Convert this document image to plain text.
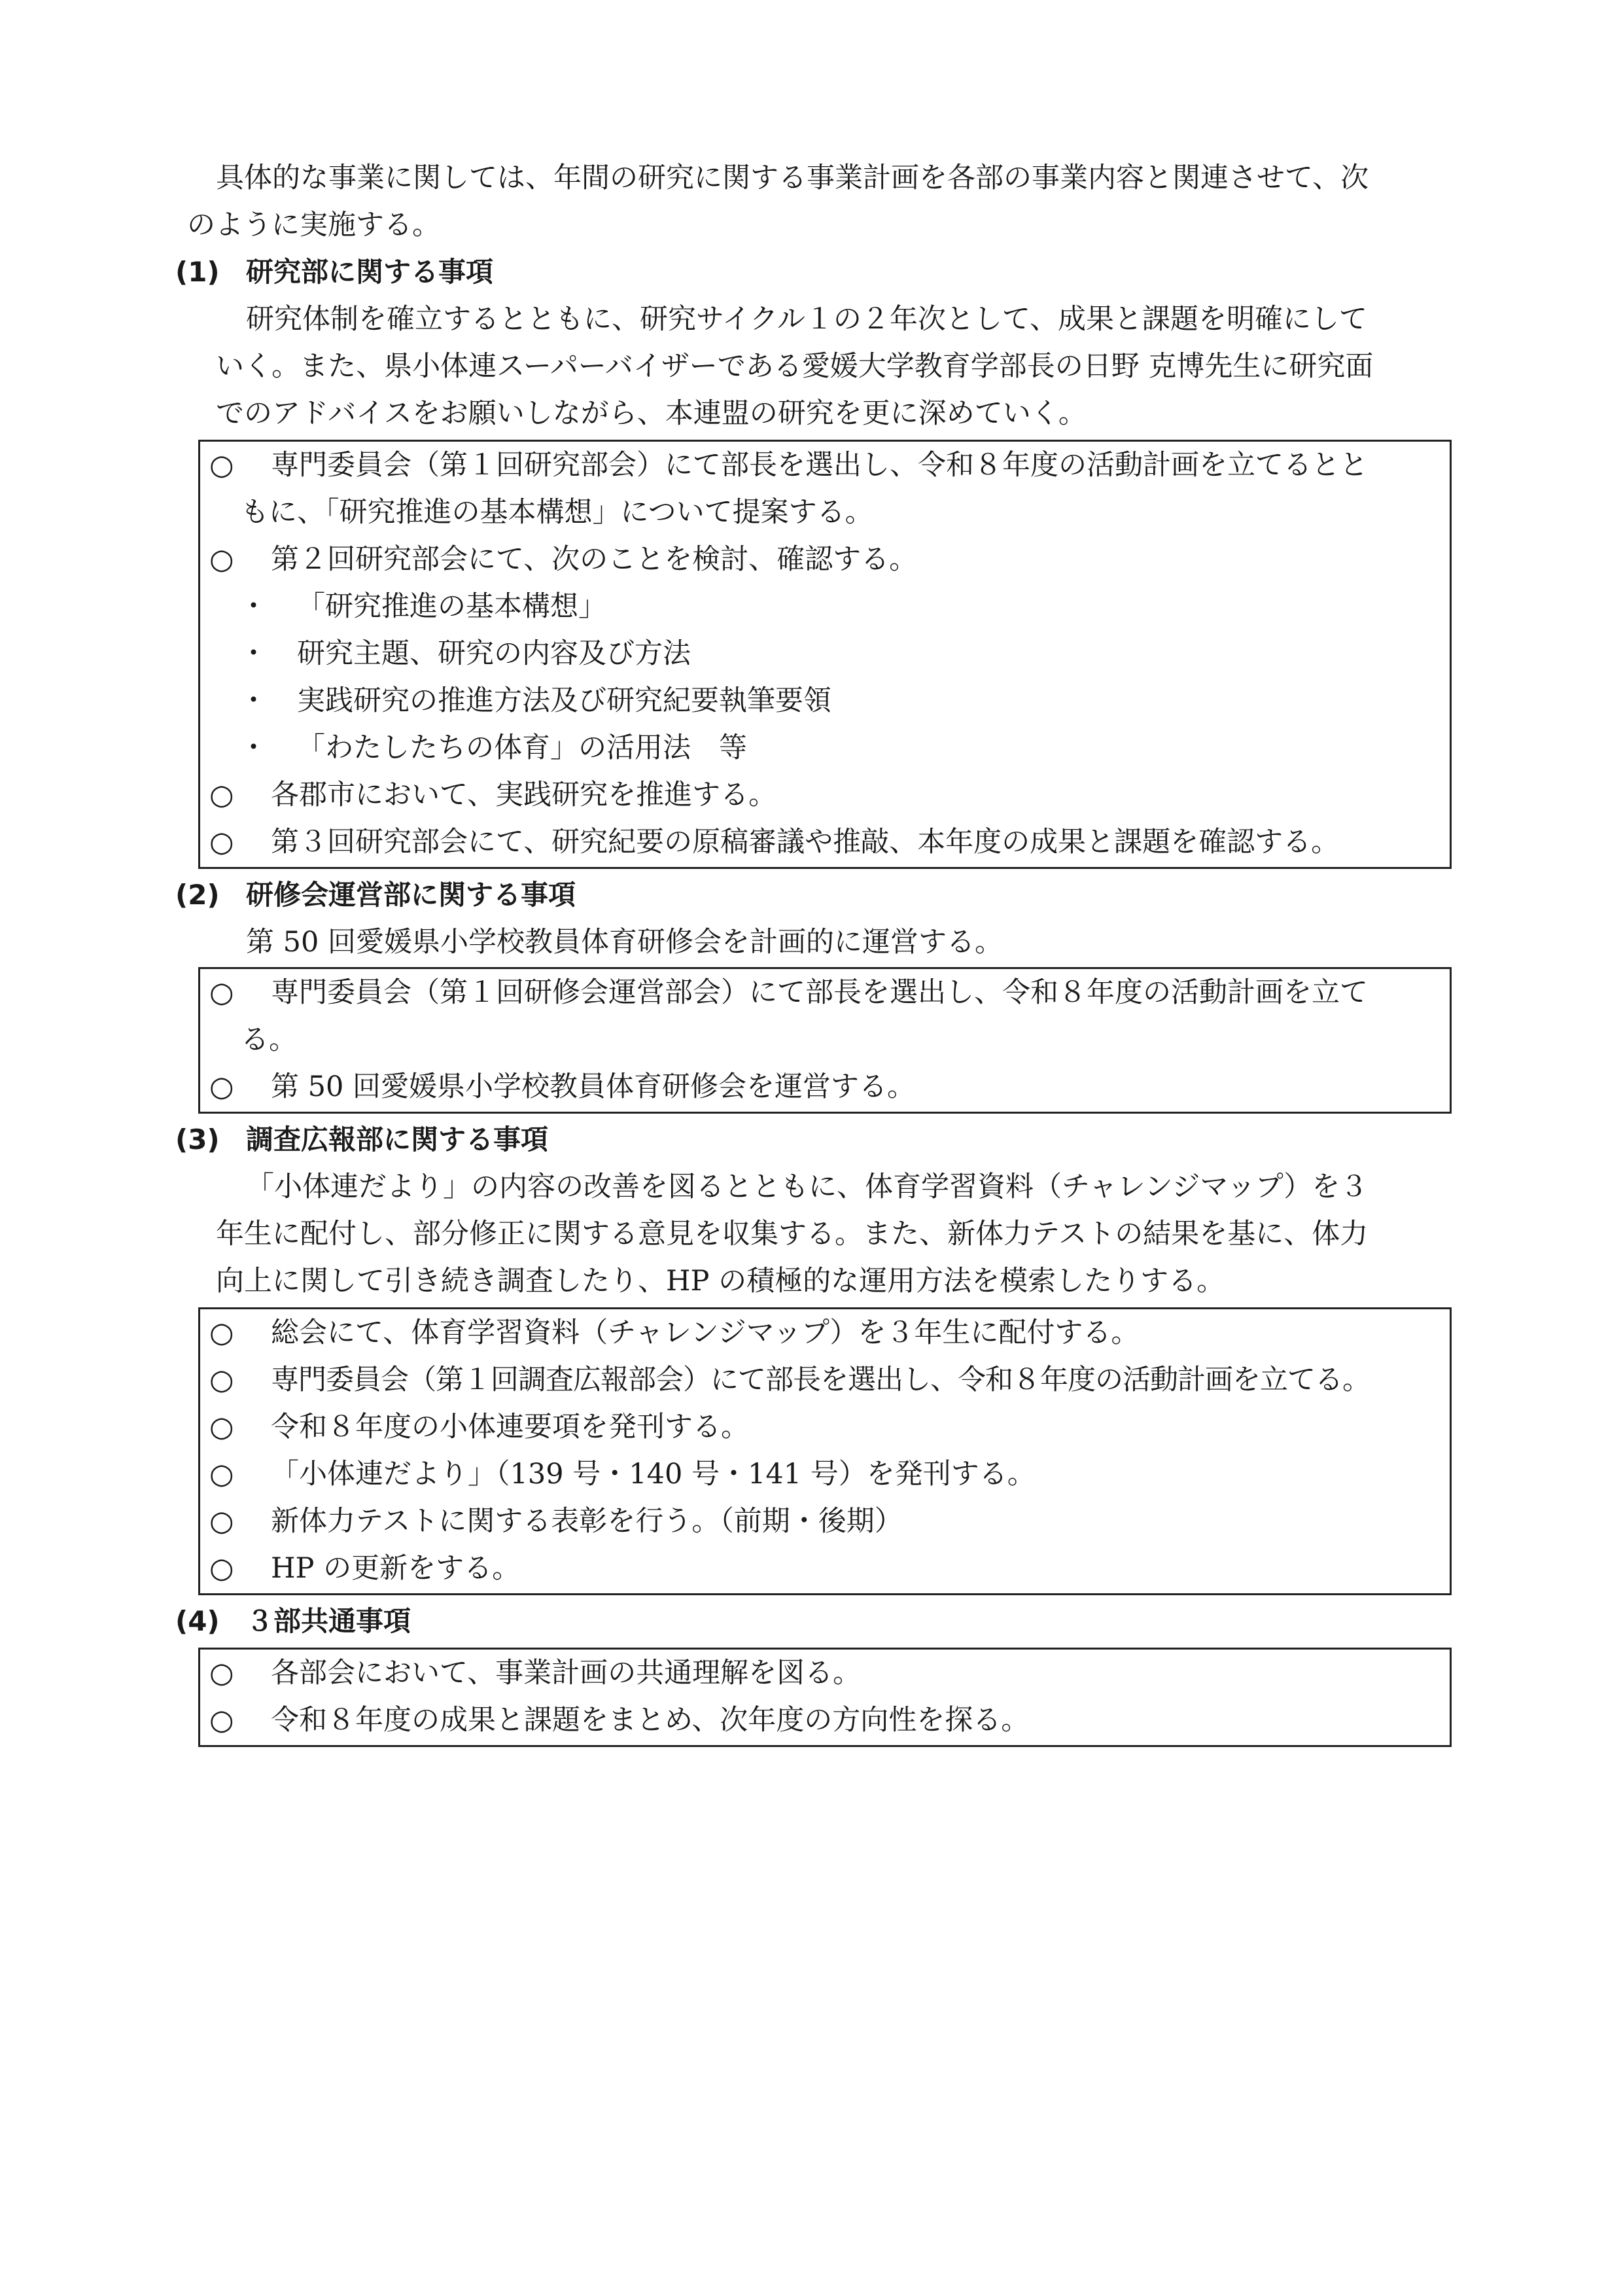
具体的な事業に関しては、年間の研究に関する事業計画を各部の事業内容と関連させて、次
のように実施する。
(1) 研究部に関する事項
研究体制を確立するとともに、研究サイクル１の２年次として、成果と課題を明確にして
いく。また、県小体連スーパーバイザーである愛媛大学教育学部長の日野 克博先生に研究面
でのアドバイスをお願いしながら、本連盟の研究を更に深めていく。
○ 専門委員会（第１回研究部会）にて部長を選出し、令和８年度の活動計画を立てるとと
もに、「研究推進の基本構想」について提案する。
○ 第２回研究部会にて、次のことを検討、確認する。
・ 「研究推進の基本構想」
・ 研究主題、研究の内容及び方法
・ 実践研究の推進方法及び研究紀要執筆要領
・ 「わたしたちの体育」の活用法　等
○ 各郡市において、実践研究を推進する。
○ 第３回研究部会にて、研究紀要の原稿審議や推敲、本年度の成果と課題を確認する。
(2) 研修会運営部に関する事項
第 50 回愛媛県小学校教員体育研修会を計画的に運営する。
○ 専門委員会（第１回研修会運営部会）にて部長を選出し、令和８年度の活動計画を立て
る。
○ 第 50 回愛媛県小学校教員体育研修会を運営する。
(3) 調査広報部に関する事項
「小体連だより」の内容の改善を図るとともに、体育学習資料（チャレンジマップ）を３
年生に配付し、部分修正に関する意見を収集する。また、新体力テストの結果を基に、体力
向上に関して引き続き調査したり、HP の積極的な運用方法を模索したりする。
○ 総会にて、体育学習資料（チャレンジマップ）を３年生に配付する。
○ 専門委員会（第１回調査広報部会）にて部長を選出し、令和８年度の活動計画を立てる。
○ 令和８年度の小体連要項を発刊する。
○ 「小体連だより」（139 号・140 号・141 号）を発刊する。
○ 新体力テストに関する表彰を行う。（前期・後期）
○ HP の更新をする。
(4) ３部共通事項
○ 各部会において、事業計画の共通理解を図る。
○ 令和８年度の成果と課題をまとめ、次年度の方向性を探る。
